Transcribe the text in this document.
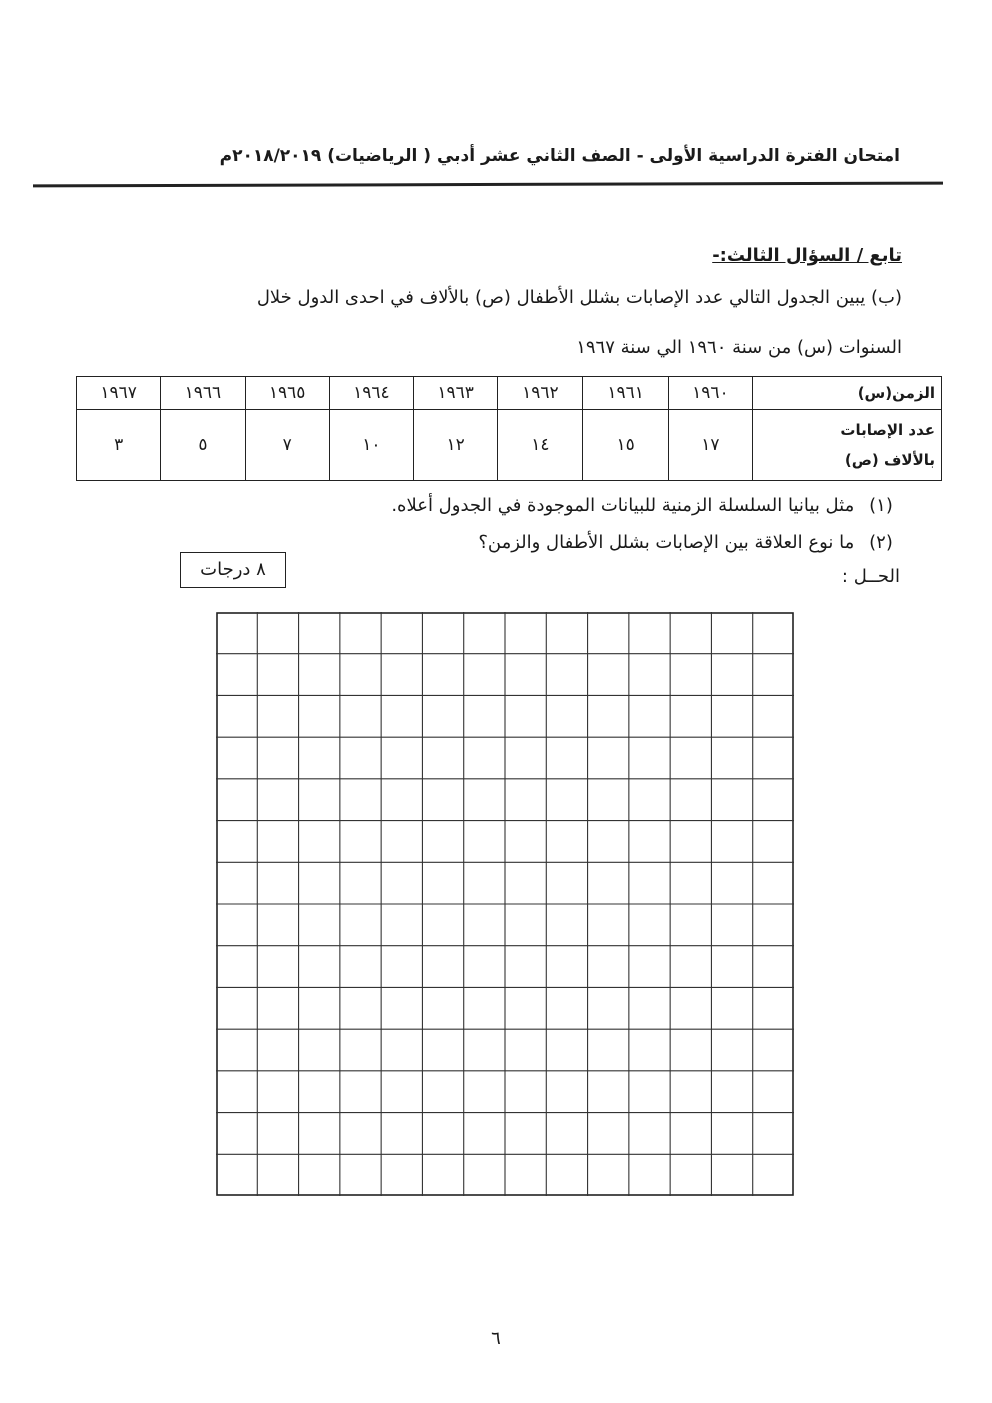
امتحان الفترة الدراسية الأولى - الصف الثاني عشر أدبي ( الرياضيات) ٢٠١٨/٢٠١٩م
تابع / السؤال الثالث:-
(ب) يبين الجدول التالي عدد الإصابات بشلل الأطفال (ص) بالألاف في احدى الدول خلال
السنوات (س) من سنة ١٩٦٠ الي سنة ١٩٦٧
الزمن(س)	١٩٦٠	١٩٦١	١٩٦٢	١٩٦٣	١٩٦٤	١٩٦٥	١٩٦٦	١٩٦٧

عدد الإصابات
بالألاف (ص)	١٧	١٥	١٤	١٢	١٠	٧	٥	٣
(١) مثل بيانيا السلسلة الزمنية للبيانات الموجودة في الجدول أعلاه.
(٢) ما نوع العلاقة بين الإصابات بشلل الأطفال والزمن؟
٨ درجات	الحــل :
٦
